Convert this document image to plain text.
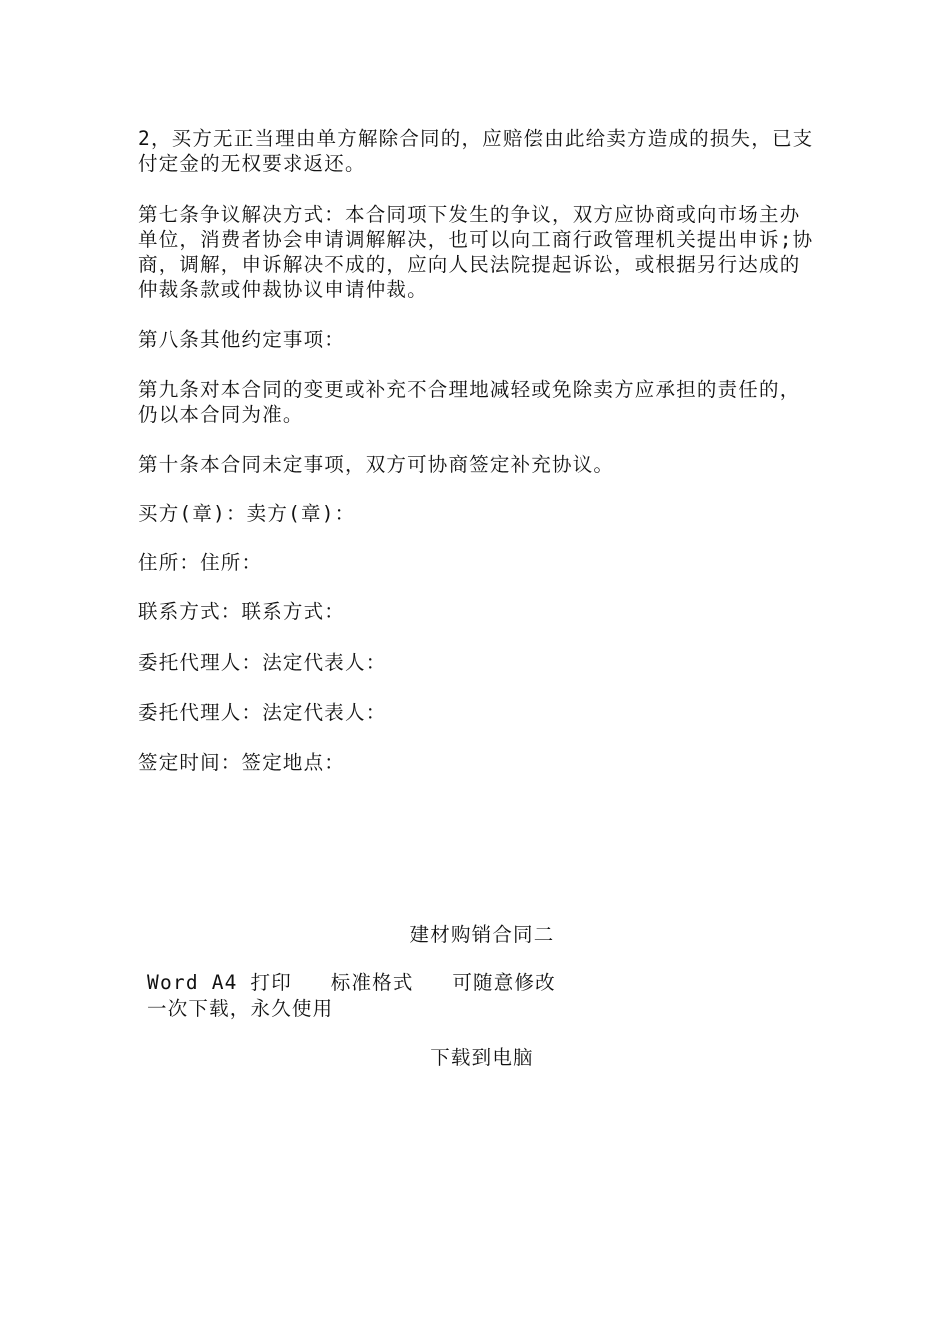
2，买方无正当理由单方解除合同的，应赔偿由此给卖方造成的损失，已支付定金的无权要求返还。

第七条争议解决方式：本合同项下发生的争议，双方应协商或向市场主办单位，消费者协会申请调解解决，也可以向工商行政管理机关提出申诉;协商，调解，申诉解决不成的，应向人民法院提起诉讼，或根据另行达成的仲裁条款或仲裁协议申请仲裁。

第八条其他约定事项：

第九条对本合同的变更或补充不合理地减轻或免除卖方应承担的责任的，仍以本合同为准。

第十条本合同未定事项，双方可协商签定补充协议。

买方(章)：卖方(章)：

住所：住所：

联系方式：联系方式：

委托代理人：法定代表人：

委托代理人：法定代表人：

签定时间：签定地点：

建材购销合同二
Word A4 打印   标准格式   可随意修改
一次下载，永久使用
下载到电脑
